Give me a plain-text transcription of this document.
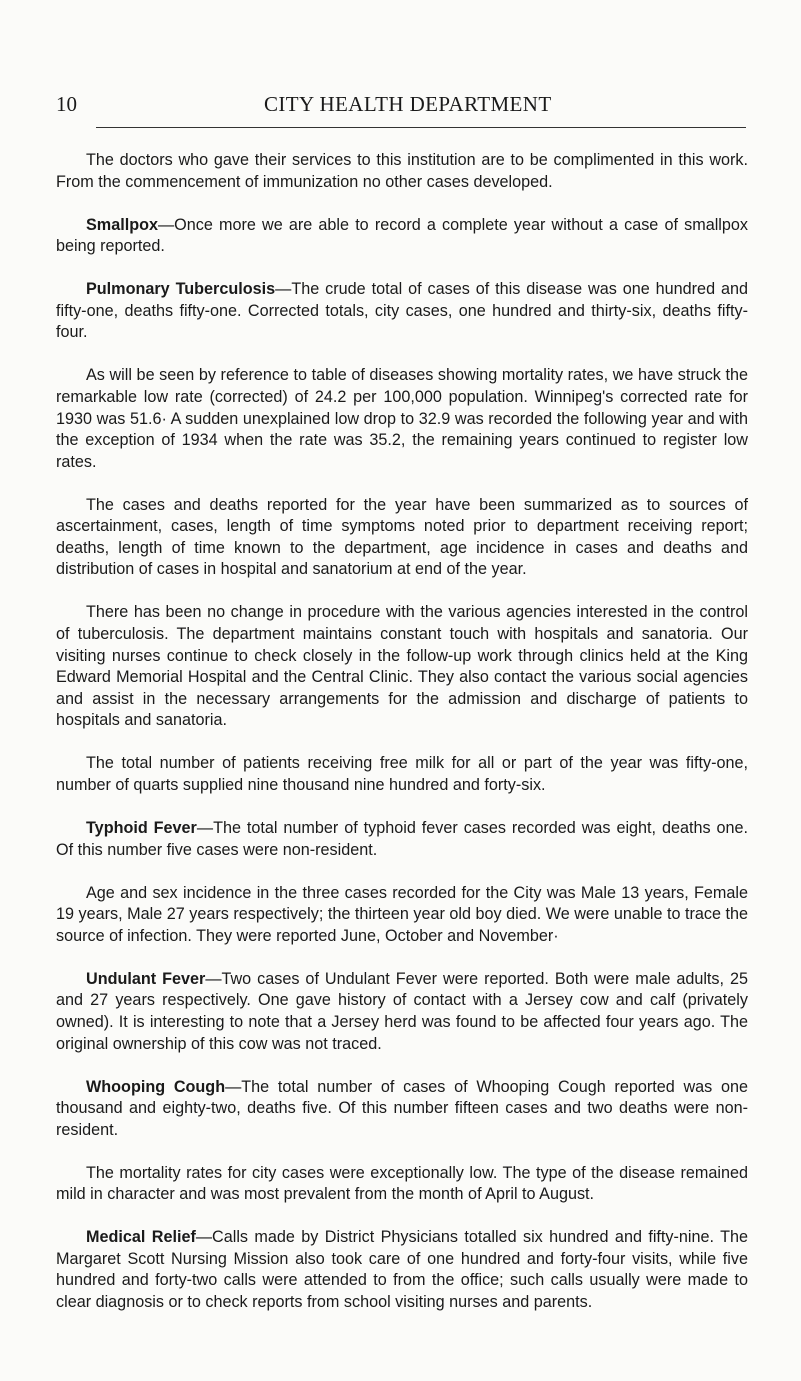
10	CITY HEALTH DEPARTMENT

The doctors who gave their services to this institution are to be complimented in this work. From the commencement of immunization no other cases developed.

Smallpox—Once more we are able to record a complete year without a case of smallpox being reported.

Pulmonary Tuberculosis—The crude total of cases of this disease was one hundred and fifty-one, deaths fifty-one. Corrected totals, city cases, one hundred and thirty-six, deaths fifty-four.

As will be seen by reference to table of diseases showing mortality rates, we have struck the remarkable low rate (corrected) of 24.2 per 100,000 population. Winnipeg's corrected rate for 1930 was 51.6· A sudden unexplained low drop to 32.9 was recorded the following year and with the exception of 1934 when the rate was 35.2, the remaining years continued to register low rates.

The cases and deaths reported for the year have been summarized as to sources of ascertainment, cases, length of time symptoms noted prior to department receiving report; deaths, length of time known to the department, age incidence in cases and deaths and distribution of cases in hospital and sanatorium at end of the year.

There has been no change in procedure with the various agencies interested in the control of tuberculosis. The department maintains constant touch with hospitals and sanatoria. Our visiting nurses continue to check closely in the follow-up work through clinics held at the King Edward Memorial Hospital and the Central Clinic. They also contact the various social agencies and assist in the necessary arrangements for the admission and discharge of patients to hospitals and sanatoria.

The total number of patients receiving free milk for all or part of the year was fifty-one, number of quarts supplied nine thousand nine hundred and forty-six.

Typhoid Fever—The total number of typhoid fever cases recorded was eight, deaths one. Of this number five cases were non-resident.

Age and sex incidence in the three cases recorded for the City was Male 13 years, Female 19 years, Male 27 years respectively; the thirteen year old boy died. We were unable to trace the source of infection. They were reported June, October and November·

Undulant Fever—Two cases of Undulant Fever were reported. Both were male adults, 25 and 27 years respectively. One gave history of contact with a Jersey cow and calf (privately owned). It is interesting to note that a Jersey herd was found to be affected four years ago. The original ownership of this cow was not traced.

Whooping Cough—The total number of cases of Whooping Cough reported was one thousand and eighty-two, deaths five. Of this number fifteen cases and two deaths were non-resident.

The mortality rates for city cases were exceptionally low. The type of the disease remained mild in character and was most prevalent from the month of April to August.

Medical Relief—Calls made by District Physicians totalled six hundred and fifty-nine. The Margaret Scott Nursing Mission also took care of one hundred and forty-four visits, while five hundred and forty-two calls were attended to from the office; such calls usually were made to clear diagnosis or to check reports from school visiting nurses and parents.
